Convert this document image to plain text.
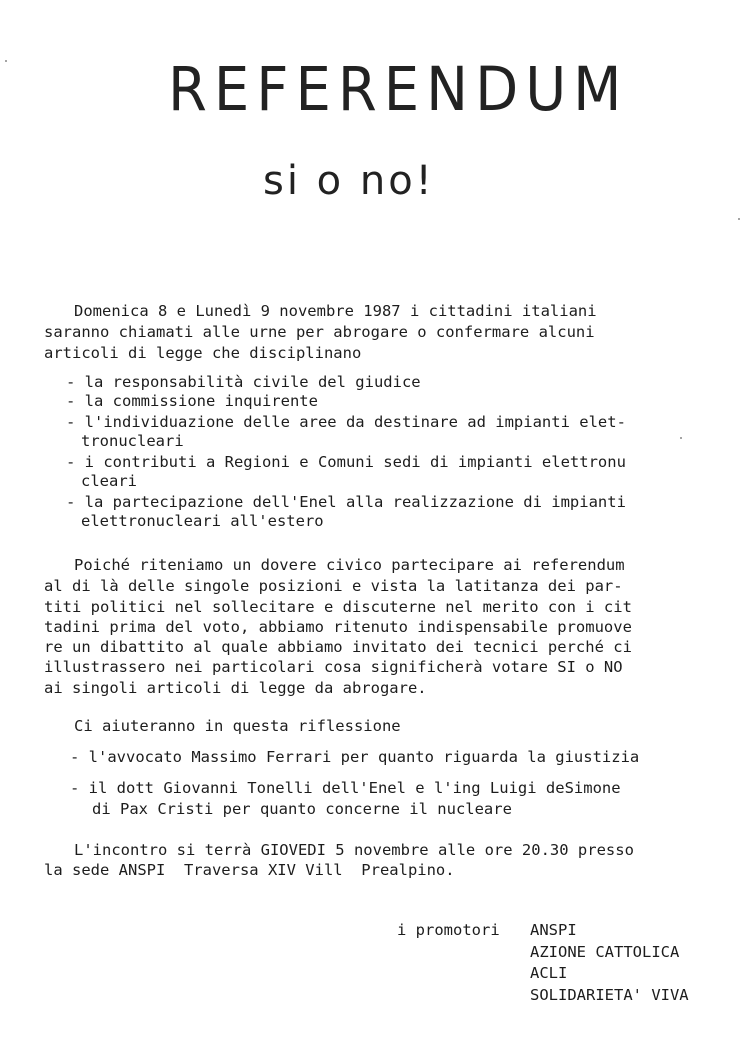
REFERENDUM
si o no!
Domenica 8 e Lunedì 9 novembre 1987 i cittadini italiani
saranno chiamati alle urne per abrogare o confermare alcuni
articoli di legge che disciplinano
- la responsabilità civile del giudice
- la commissione inquirente
- l'individuazione delle aree da destinare ad impianti elet-
tronucleari
- i contributi a Regioni e Comuni sedi di impianti elettronu
cleari
- la partecipazione dell'Enel alla realizzazione di impianti
elettronucleari all'estero
Poiché riteniamo un dovere civico partecipare ai referendum
al di là delle singole posizioni e vista la latitanza dei par-
titi politici nel sollecitare e discuterne nel merito con i cit
tadini prima del voto, abbiamo ritenuto indispensabile promuove
re un dibattito al quale abbiamo invitato dei tecnici perché ci
illustrassero nei particolari cosa significherà votare SI o NO
ai singoli articoli di legge da abrogare.
Ci aiuteranno in questa riflessione
- l'avvocato Massimo Ferrari per quanto riguarda la giustizia
- il dott Giovanni Tonelli dell'Enel e l'ing Luigi deSimone
di Pax Cristi per quanto concerne il nucleare
L'incontro si terrà GIOVEDI 5 novembre alle ore 20.30 presso
la sede ANSPI  Traversa XIV Vill  Prealpino.
i promotori ANSPI
AZIONE CATTOLICA
ACLI
SOLIDARIETA' VIVA
